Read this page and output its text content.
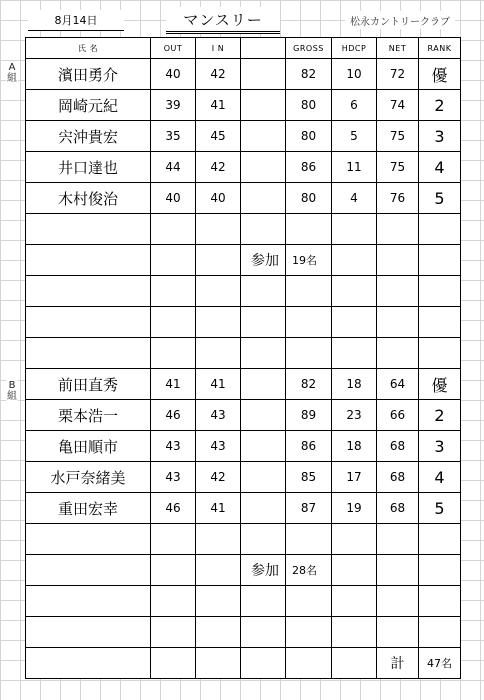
8月14日	マンスリー	松永カントリークラブ
A組
B組
氏 名	OUT	I N		GROSS	HDCP	NET	RANK
濱田勇介	40	42		82	10	72	優
岡崎元紀	39	41		80	6	74	2
宍沖貴宏	35	45		80	5	75	3
井口達也	44	42		86	11	75	4
木村俊治	40	40		80	4	76	5

			参加	19名			

前田直秀	41	41		82	18	64	優
栗本浩一	46	43		89	23	66	2
亀田順市	43	43		86	18	68	3
水戸奈緒美	43	42		85	17	68	4
重田宏幸	46	41		87	19	68	5

			参加	28名			

						計	47名
